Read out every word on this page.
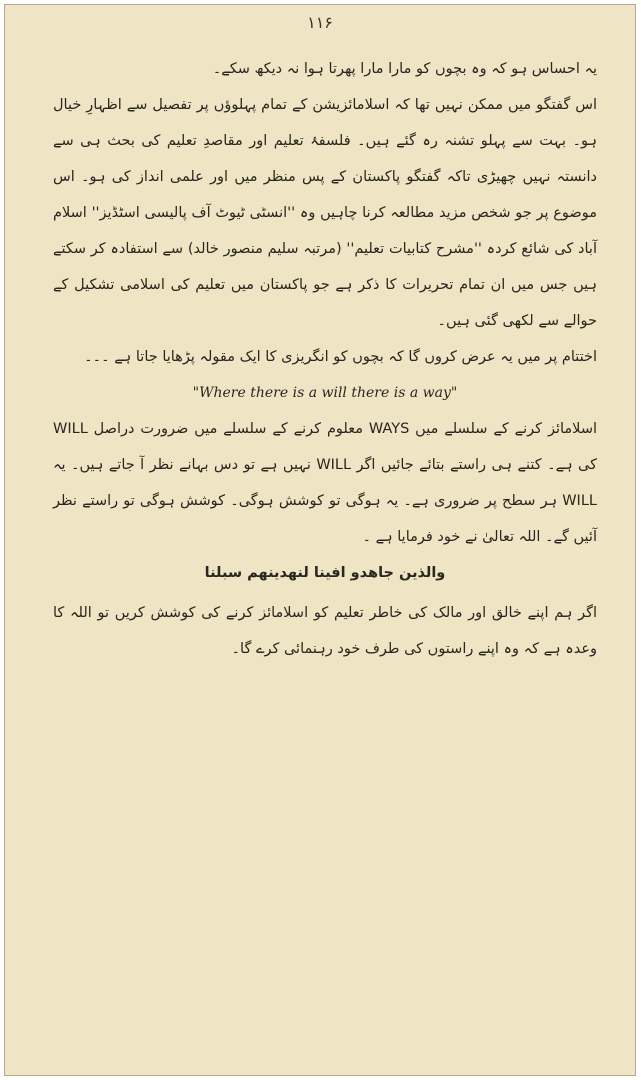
۱۱۶

یہ احساس ہو کہ وہ بچوں کو مارا مارا پھرتا ہوا نہ دیکھ سکے۔

اس گفتگو میں ممکن نہیں تھا کہ اسلامائزیشن کے تمام پہلوؤں پر تفصیل سے اظہارِ خیال ہو۔ بہت سے پہلو تشنہ رہ گئے ہیں۔ فلسفۂ تعلیم اور مقاصدِ تعلیم کی بحث ہی سے دانستہ نہیں چھیڑی تاکہ گفتگو پاکستان کے پس منظر میں اور علمی انداز کی ہو۔ اس موضوع پر جو شخص مزید مطالعہ کرنا چاہیں وہ ''انسٹی ٹیوٹ آف پالیسی اسٹڈیز'' اسلام آباد کی شائع کردہ ''مشرح کتابیات تعلیم'' (مرتبہ سلیم منصور خالد) سے استفادہ کر سکتے ہیں جس میں ان تمام تحریرات کا ذکر ہے جو پاکستان میں تعلیم کی اسلامی تشکیل کے حوالے سے لکھی گئی ہیں۔

اختتام پر میں یہ عرض کروں گا کہ بچوں کو انگریزی کا ایک مقولہ پڑھایا جاتا ہے ۔۔۔

"Where there is a will there is a way"

اسلامائز کرنے کے سلسلے میں WAYS معلوم کرنے کے سلسلے میں ضرورت دراصل WILL کی ہے۔ کتنے ہی راستے بتائے جائیں اگر WILL نہیں ہے تو دس بہانے نظر آ جاتے ہیں۔ یہ WILL ہر سطح پر ضروری ہے۔ یہ ہوگی تو کوشش ہوگی۔ کوشش ہوگی تو راستے نظر آئیں گے۔ اللہ تعالیٰ نے خود فرمایا ہے ۔

والذین جاھدو افینا لنھدینھم سبلنا

اگر ہم اپنے خالق اور مالک کی خاطر تعلیم کو اسلامائز کرنے کی کوشش کریں تو اللہ کا وعدہ ہے کہ وہ اپنے راستوں کی طرف خود رہنمائی کرے گا۔
